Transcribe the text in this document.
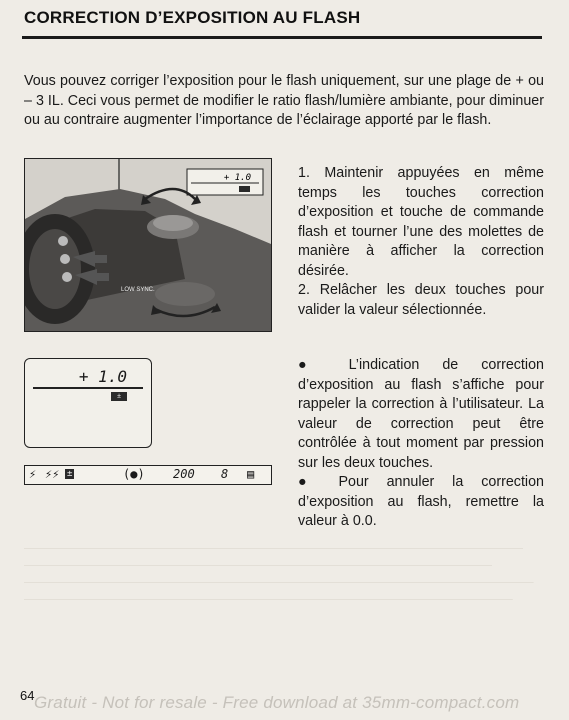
CORRECTION D’EXPOSITION AU FLASH
Vous pouvez corriger l’exposition pour le flash uniquement, sur une plage de + ou – 3 IL. Ceci vous permet de modifier le ratio flash/lumière ambiante, pour diminuer ou au contraire augmenter l’importance de l’éclairage apporté par le flash.
+ 1.0
LOW SYNC.
+ 1.0
±
⚡ ⚡⚡ ±	(●) 200 8 ▤

1. Maintenir appuyées en même temps les touches correction d’exposition et touche de commande flash et tourner l’une des molettes de manière à afficher la correction désirée.

2. Relâcher les deux touches pour valider la valeur sélectionnée.

● L’indication de correction d’exposition au flash s’affiche pour rappeler la correction à l’utilisateur. La valeur de correction peut être contrôlée à tout moment par pression sur les deux touches.

● Pour annuler la correction d’exposition au flash, remettre la valeur à 0.0.

64 Gratuit - Not for resale - Free download at 35mm-compact.com
